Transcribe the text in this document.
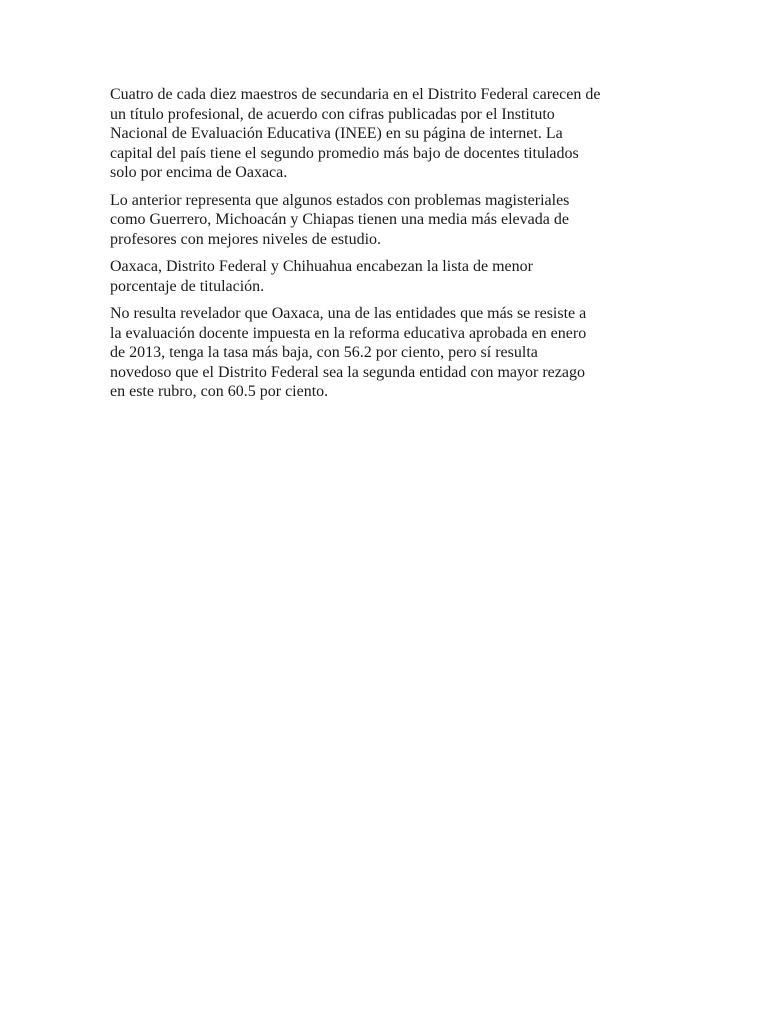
Cuatro de cada diez maestros de secundaria en el Distrito Federal carecen de
un título profesional, de acuerdo con cifras publicadas por el Instituto
Nacional de Evaluación Educativa (INEE) en su página de internet. La
capital del país tiene el segundo promedio más bajo de docentes titulados
solo por encima de Oaxaca.

Lo anterior representa que algunos estados con problemas magisteriales
como Guerrero, Michoacán y Chiapas tienen una media más elevada de
profesores con mejores niveles de estudio.

Oaxaca, Distrito Federal y Chihuahua encabezan la lista de menor
porcentaje de titulación.

No resulta revelador que Oaxaca, una de las entidades que más se resiste a
la evaluación docente impuesta en la reforma educativa aprobada en enero
de 2013, tenga la tasa más baja, con 56.2 por ciento, pero sí resulta
novedoso que el Distrito Federal sea la segunda entidad con mayor rezago
en este rubro, con 60.5 por ciento.
